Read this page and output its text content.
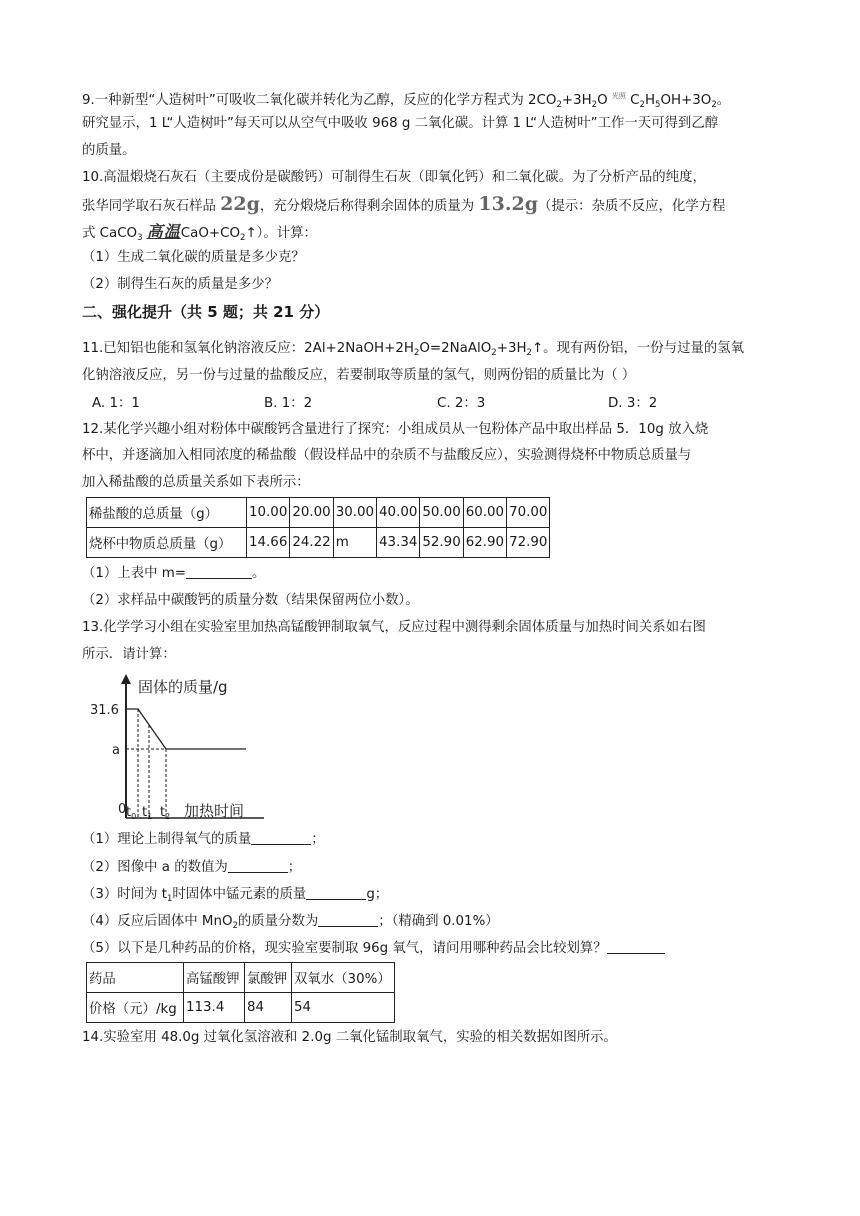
9.一种新型“人造树叶”可吸收二氧化碳并转化为乙醇，反应的化学方程式为 $2CO_2+3H_2O$ $^{光照}$ $C_2H_5OH+3O_2$。
研究显示，1 L“人造树叶”每天可以从空气中吸收 968 g 二氧化碳。计算 1 L“人造树叶”工作一天可得到乙醇
的质量。
10.高温煅烧石灰石（主要成份是碳酸钙）可制得生石灰（即氧化钙）和二氧化碳。为了分析产品的纯度，
张华同学取石灰石样品 22g，充分煅烧后称得剩余固体的质量为 13.2g（提示：杂质不反应，化学方程
式 CaCO$_3$ 高温$CaO+CO_2↑$）。计算：
（1）生成二氧化碳的质量是多少克？
（2）制得生石灰的质量是多少？
二、强化提升（共 5 题；共 21 分）
11.已知铝也能和氢氧化钠溶液反应：$2Al+2NaOH+2H_2O=2NaAlO_2+3H_2↑$。现有两份铝，一份与过量的氢氧
化钠溶液反应，另一份与过量的盐酸反应，若要制取等质量的氢气，则两份铝的质量比为（ ）
A. 1：1	B. 1：2	C. 2：3	D. 3：2
12.某化学兴趣小组对粉体中碳酸钙含量进行了探究：小组成员从一包粉体产品中取出样品 5．10g 放入烧
杯中，并逐滴加入相同浓度的稀盐酸（假设样品中的杂质不与盐酸反应），实验测得烧杯中物质总质量与
加入稀盐酸的总质量关系如下表所示：
稀盐酸的总质量（g）	10.00	20.00	30.00	40.00	50.00	60.00	70.00
烧杯中物质总质量（g）	14.66	24.22	m	43.34	52.90	62.90	72.90
（1）上表中 m=	。
（2）求样品中碳酸钙的质量分数（结果保留两位小数）。
13.化学学习小组在实验室里加热高锰酸钾制取氧气，反应过程中测得剩余固体质量与加热时间关系如右图
所示．请计算：
固体的质量/g
31.6
a
0 $t_0$ $t_1$ $t_2$ 加热时间
（1）理论上制得氧气的质量	；
（2）图像中 a 的数值为	；
（3）时间为 $t_1$时固体中锰元素的质量	g；
（4）反应后固体中 MnO$_2$的质量分数为	；（精确到 0.01%）
（5）以下是几种药品的价格，现实验室要制取 96g 氧气，请问用哪种药品会比较划算？
药品	高锰酸钾	氯酸钾	双氧水（30%）
价格（元）/kg	113.4	84	54
14.实验室用 48.0g 过氧化氢溶液和 2.0g 二氧化锰制取氧气，实验的相关数据如图所示。
